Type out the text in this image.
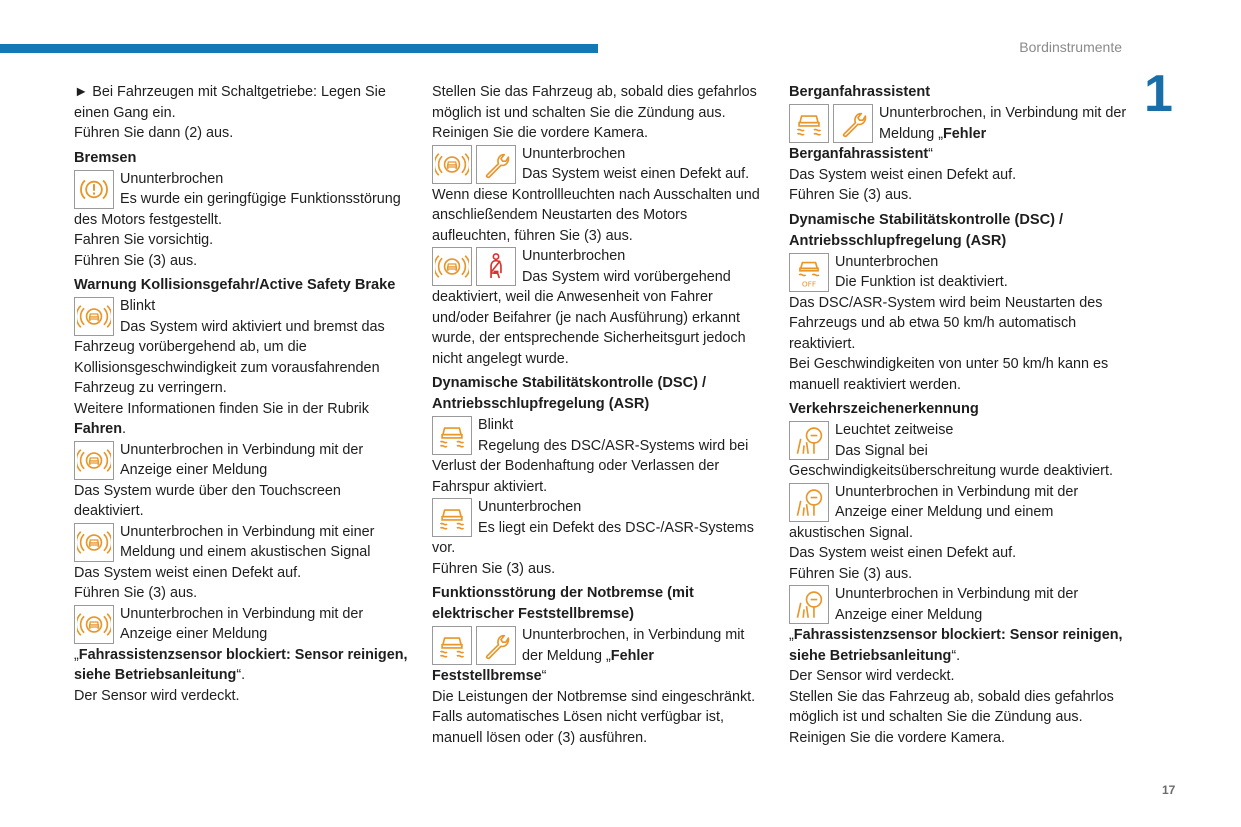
Bordinstrumente
1

► Bei Fahrzeugen mit Schaltgetriebe: Legen Sie einen Gang ein.

Führen Sie dann (2) aus.

Bremsen

Ununterbrochen

Es wurde ein geringfügige Funktionsstörung des Motors festgestellt.

Fahren Sie vorsichtig.

Führen Sie (3) aus.

Warnung Kollisionsgefahr/Active Safety Brake

Blinkt

Das System wird aktiviert und bremst das Fahrzeug vorübergehend ab, um die Kollisionsgeschwindigkeit zum vorausfahrenden Fahrzeug zu verringern.

Weitere Informationen finden Sie in der Rubrik Fahren.

Ununterbrochen in Verbindung mit der Anzeige einer Meldung

Das System wurde über den Touchscreen deaktiviert.

Ununterbrochen in Verbindung mit einer Meldung und einem akustischen Signal

Das System weist einen Defekt auf.

Führen Sie (3) aus.

Ununterbrochen in Verbindung mit der Anzeige einer Meldung

„Fahrassistenzsensor blockiert: Sensor reinigen, siehe Betriebsanleitung“.

Der Sensor wird verdeckt.

Stellen Sie das Fahrzeug ab, sobald dies gefahrlos möglich ist und schalten Sie die Zündung aus.

Reinigen Sie die vordere Kamera.

Ununterbrochen

Das System weist einen Defekt auf.

Wenn diese Kontrollleuchten nach Ausschalten und anschließendem Neustarten des Motors aufleuchten, führen Sie (3) aus.

Ununterbrochen

Das System wird vorübergehend deaktiviert, weil die Anwesenheit von Fahrer und/oder Beifahrer (je nach Ausführung) erkannt wurde, der entsprechende Sicherheitsgurt jedoch nicht angelegt wurde.

Dynamische Stabilitätskontrolle (DSC) / Antriebsschlupfregelung (ASR)

Blinkt

Regelung des DSC/ASR-Systems wird bei Verlust der Bodenhaftung oder Verlassen der Fahrspur aktiviert.

Ununterbrochen

Es liegt ein Defekt des DSC-/ASR-Systems vor.

Führen Sie (3) aus.

Funktionsstörung der Notbremse (mit elektrischer Feststellbremse)

Ununterbrochen, in Verbindung mit der Meldung „Fehler Feststellbremse“

Die Leistungen der Notbremse sind eingeschränkt.

Falls automatisches Lösen nicht verfügbar ist, manuell lösen oder (3) ausführen.

Berganfahrassistent

Ununterbrochen, in Verbindung mit der Meldung „Fehler Berganfahrassistent“

Das System weist einen Defekt auf.

Führen Sie (3) aus.

Dynamische Stabilitätskontrolle (DSC) / Antriebsschlupfregelung (ASR)
OFF

Ununterbrochen

Die Funktion ist deaktiviert.

Das DSC/ASR-System wird beim Neustarten des Fahrzeugs und ab etwa 50 km/h automatisch reaktiviert.

Bei Geschwindigkeiten von unter 50 km/h kann es manuell reaktiviert werden.

Verkehrszeichenerkennung

Leuchtet zeitweise

Das Signal bei Geschwindigkeitsüberschreitung wurde deaktiviert.

Ununterbrochen in Verbindung mit der Anzeige einer Meldung und einem akustischen Signal.

Das System weist einen Defekt auf.

Führen Sie (3) aus.

Ununterbrochen in Verbindung mit der Anzeige einer Meldung

„Fahrassistenzsensor blockiert: Sensor reinigen, siehe Betriebsanleitung“.

Der Sensor wird verdeckt.

Stellen Sie das Fahrzeug ab, sobald dies gefahrlos möglich ist und schalten Sie die Zündung aus.

Reinigen Sie die vordere Kamera.

17
